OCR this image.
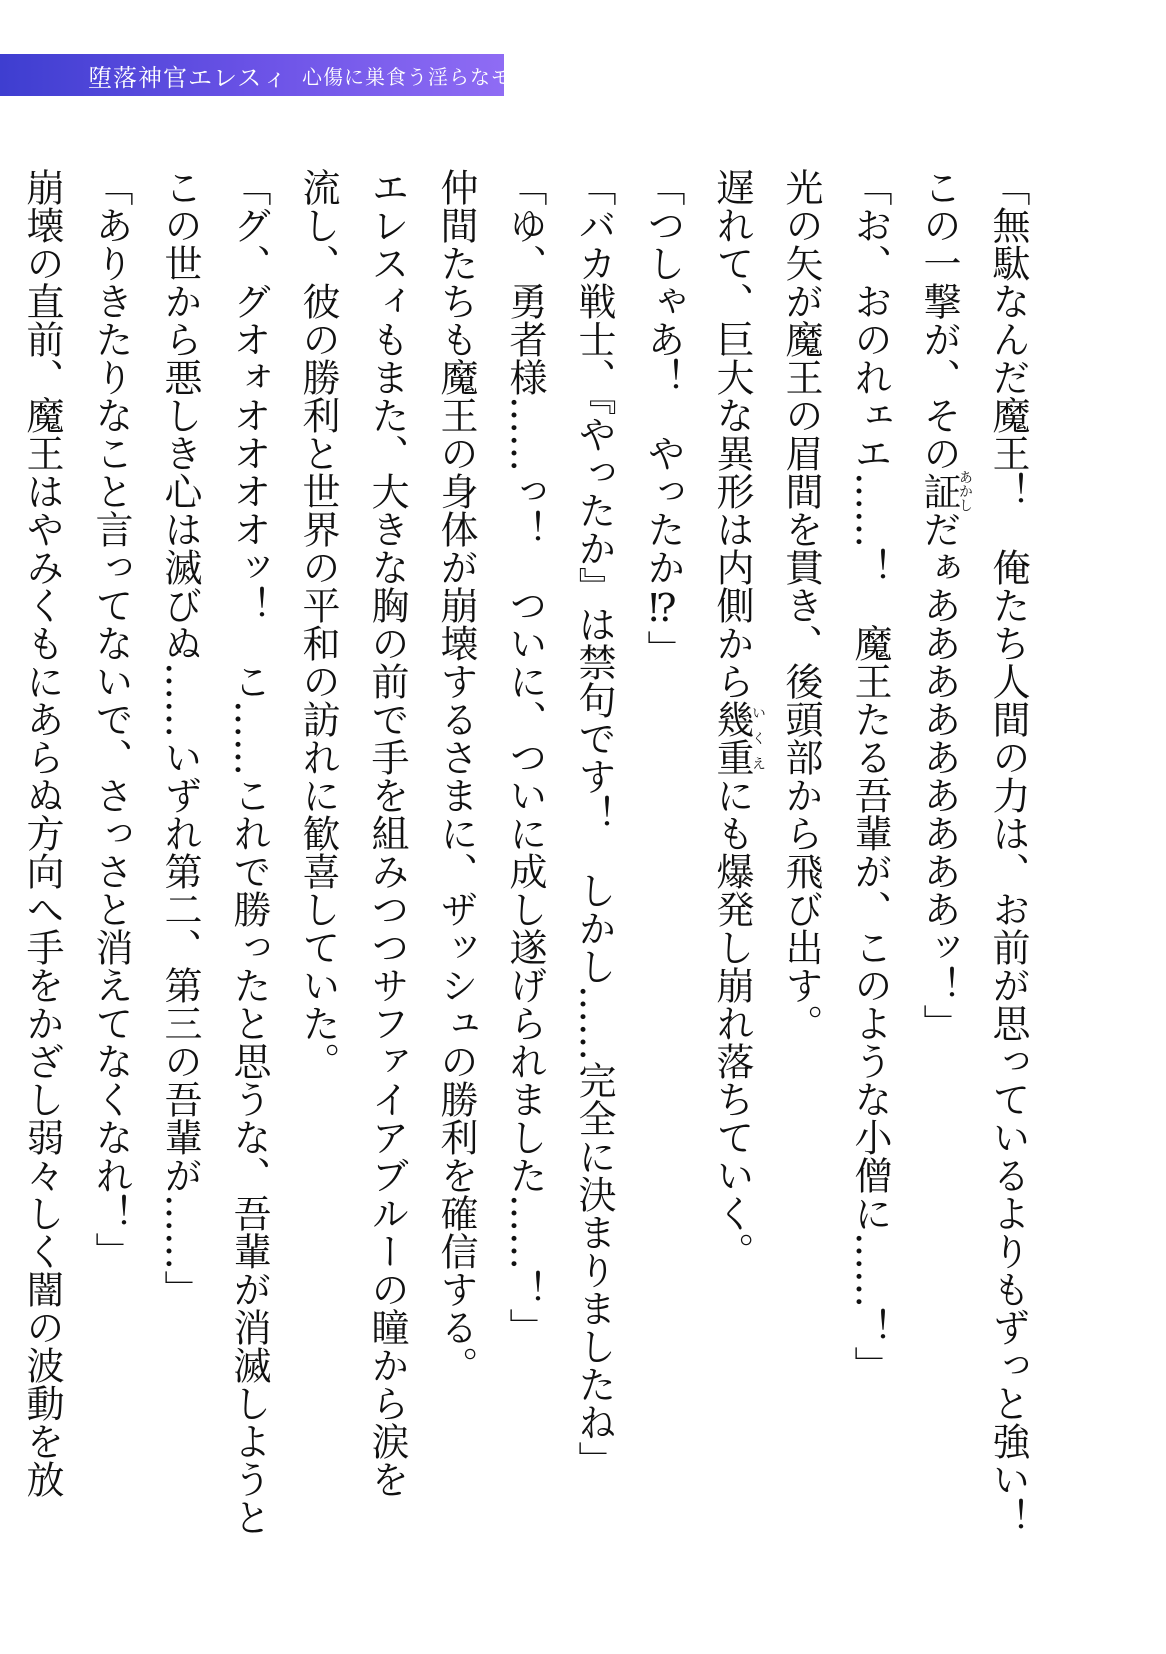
堕落神官エレスィ 心傷に巣食う淫らなモノ

「無駄なんだ魔王！　俺たち人間の力は、お前が思っているよりもずっと強い！

この一撃が、その証あかしだぁあああああああああッ！」

「お、おのれェエ……！　魔王たる吾輩が、このような小僧に……！」

光の矢が魔王の眉間を貫き、後頭部から飛び出す。

遅れて、巨大な異形は内側から幾重いくえにも爆発し崩れ落ちていく。

「つしゃあ！　やったか⁉」

「バカ戦士、『やったか』は禁句です！　しかし……完全に決まりましたね」

「ゆ、勇者様……っ！　ついに、ついに成し遂げられました……！」

仲間たちも魔王の身体が崩壊するさまに、ザッシュの勝利を確信する。

エレスィもまた、大きな胸の前で手を組みつつサファイアブルーの瞳から涙を

流し、彼の勝利と世界の平和の訪れに歓喜していた。

「グ、グオォオオオオッ！　こ……これで勝ったと思うな、吾輩が消滅しようと

この世から悪しき心は滅びぬ……いずれ第二、第三の吾輩が……」

「ありきたりなこと言ってないで、さっさと消えてなくなれ！」

崩壊の直前、魔王はやみくもにあらぬ方向へ手をかざし弱々しく闇の波動を放
